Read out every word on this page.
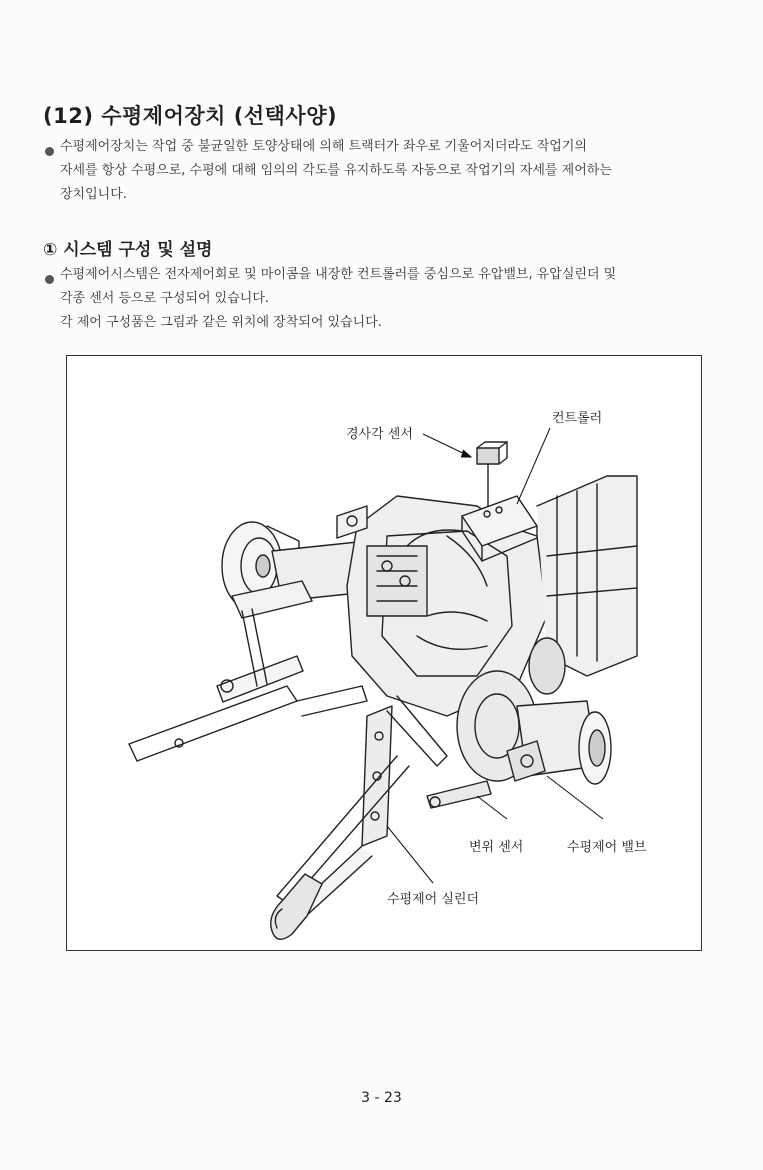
(12) 수평제어장치 (선택사양)

수평제어장치는 작업 중 불균일한 토양상태에 의해 트랙터가 좌우로 기울어지더라도 작업기의

자세를 항상 수평으로, 수평에 대해 임의의 각도를 유지하도록 자동으로 작업기의 자세를 제어하는

장치입니다.

① 시스템 구성 및 설명

수평제어시스템은 전자제어회로 및 마이콤을 내장한 컨트롤러를 중심으로 유압밸브, 유압실린더 및

각종 센서 등으로 구성되어 있습니다.

각 제어 구성품은 그림과 같은 위치에 장착되어 있습니다.

경사각 센서
컨트롤러
변위 센서	수평제어 밸브
수평제어 실린더
3 - 23
